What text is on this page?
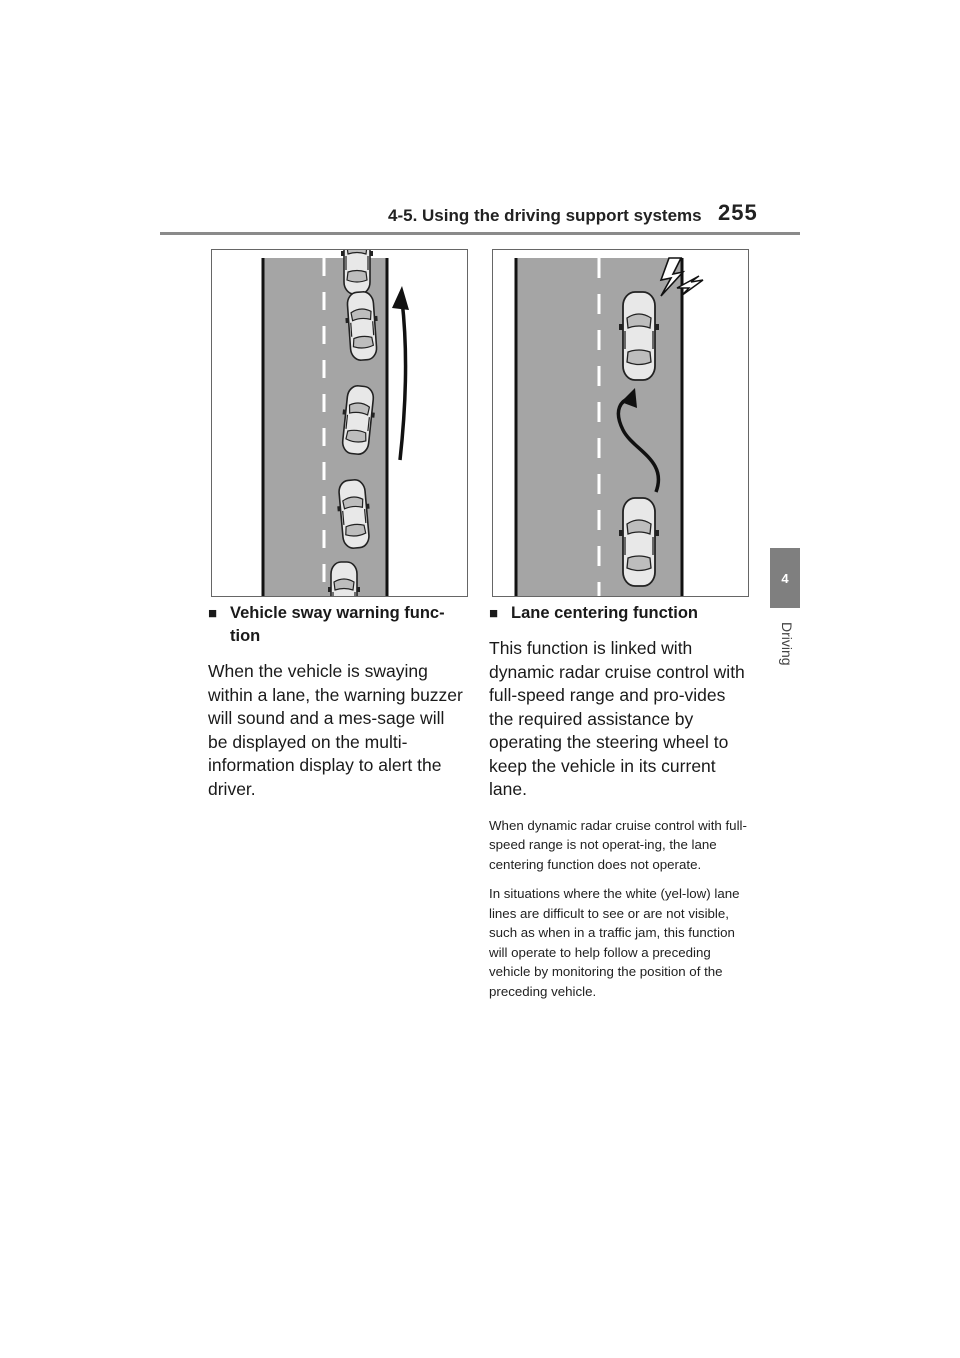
4-5. Using the driving support systems 255
4
Driving
■ Vehicle sway warning func-tion
When the vehicle is swaying within a lane, the warning buzzer will sound and a mes-sage will be displayed on the multi-information display to alert the driver.
■ Lane centering function
This function is linked with dynamic radar cruise control with full-speed range and pro-vides the required assistance by operating the steering wheel to keep the vehicle in its current lane.
When dynamic radar cruise control with full-speed range is not operat-ing, the lane centering function does not operate.
In situations where the white (yel-low) lane lines are difficult to see or are not visible, such as when in a traffic jam, this function will operate to help follow a preceding vehicle by monitoring the position of the preceding vehicle.
